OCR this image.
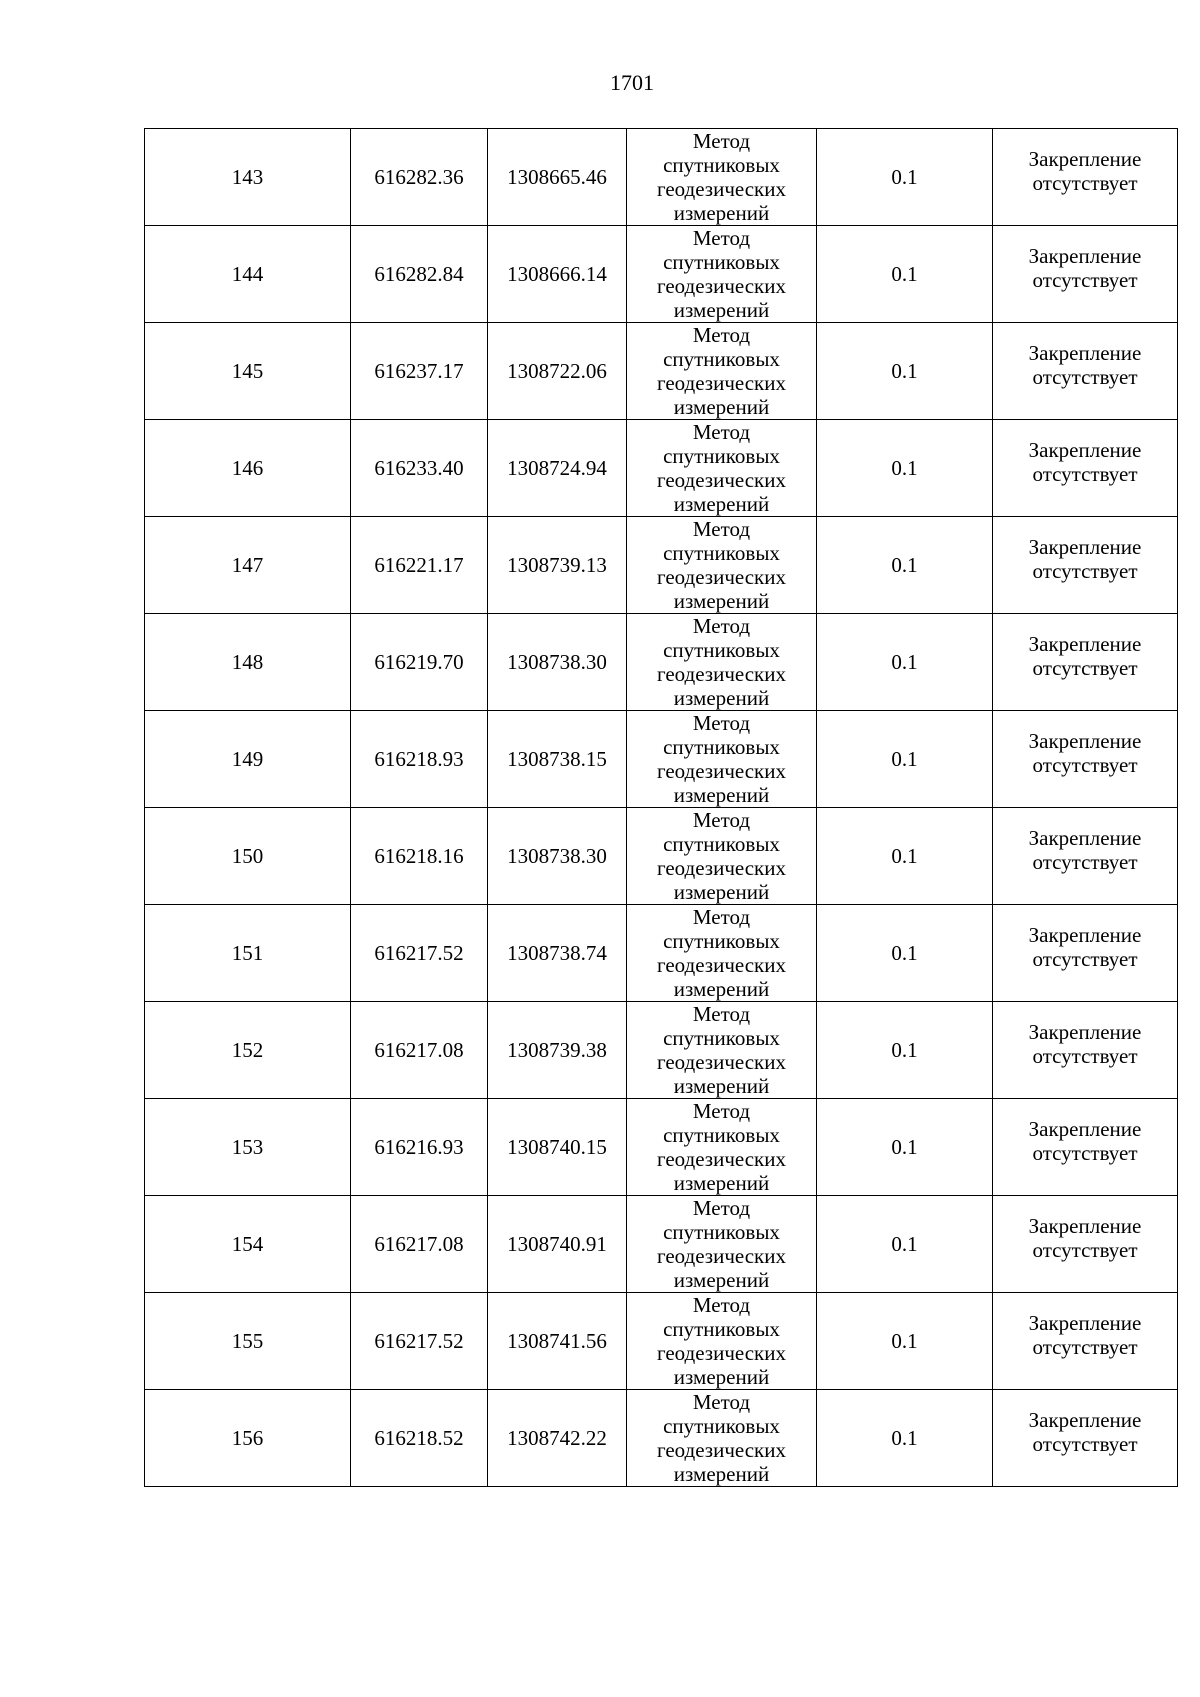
1701
143	616282.36	1308665.46	Метод
спутниковых
геодезических
измерений	0.1	Закрепление
отсутствует

144	616282.84	1308666.14	Метод
спутниковых
геодезических
измерений	0.1	Закрепление
отсутствует

145	616237.17	1308722.06	Метод
спутниковых
геодезических
измерений	0.1	Закрепление
отсутствует

146	616233.40	1308724.94	Метод
спутниковых
геодезических
измерений	0.1	Закрепление
отсутствует

147	616221.17	1308739.13	Метод
спутниковых
геодезических
измерений	0.1	Закрепление
отсутствует

148	616219.70	1308738.30	Метод
спутниковых
геодезических
измерений	0.1	Закрепление
отсутствует

149	616218.93	1308738.15	Метод
спутниковых
геодезических
измерений	0.1	Закрепление
отсутствует

150	616218.16	1308738.30	Метод
спутниковых
геодезических
измерений	0.1	Закрепление
отсутствует

151	616217.52	1308738.74	Метод
спутниковых
геодезических
измерений	0.1	Закрепление
отсутствует

152	616217.08	1308739.38	Метод
спутниковых
геодезических
измерений	0.1	Закрепление
отсутствует

153	616216.93	1308740.15	Метод
спутниковых
геодезических
измерений	0.1	Закрепление
отсутствует

154	616217.08	1308740.91	Метод
спутниковых
геодезических
измерений	0.1	Закрепление
отсутствует

155	616217.52	1308741.56	Метод
спутниковых
геодезических
измерений	0.1	Закрепление
отсутствует

156	616218.52	1308742.22	Метод
спутниковых
геодезических
измерений	0.1	Закрепление
отсутствует
